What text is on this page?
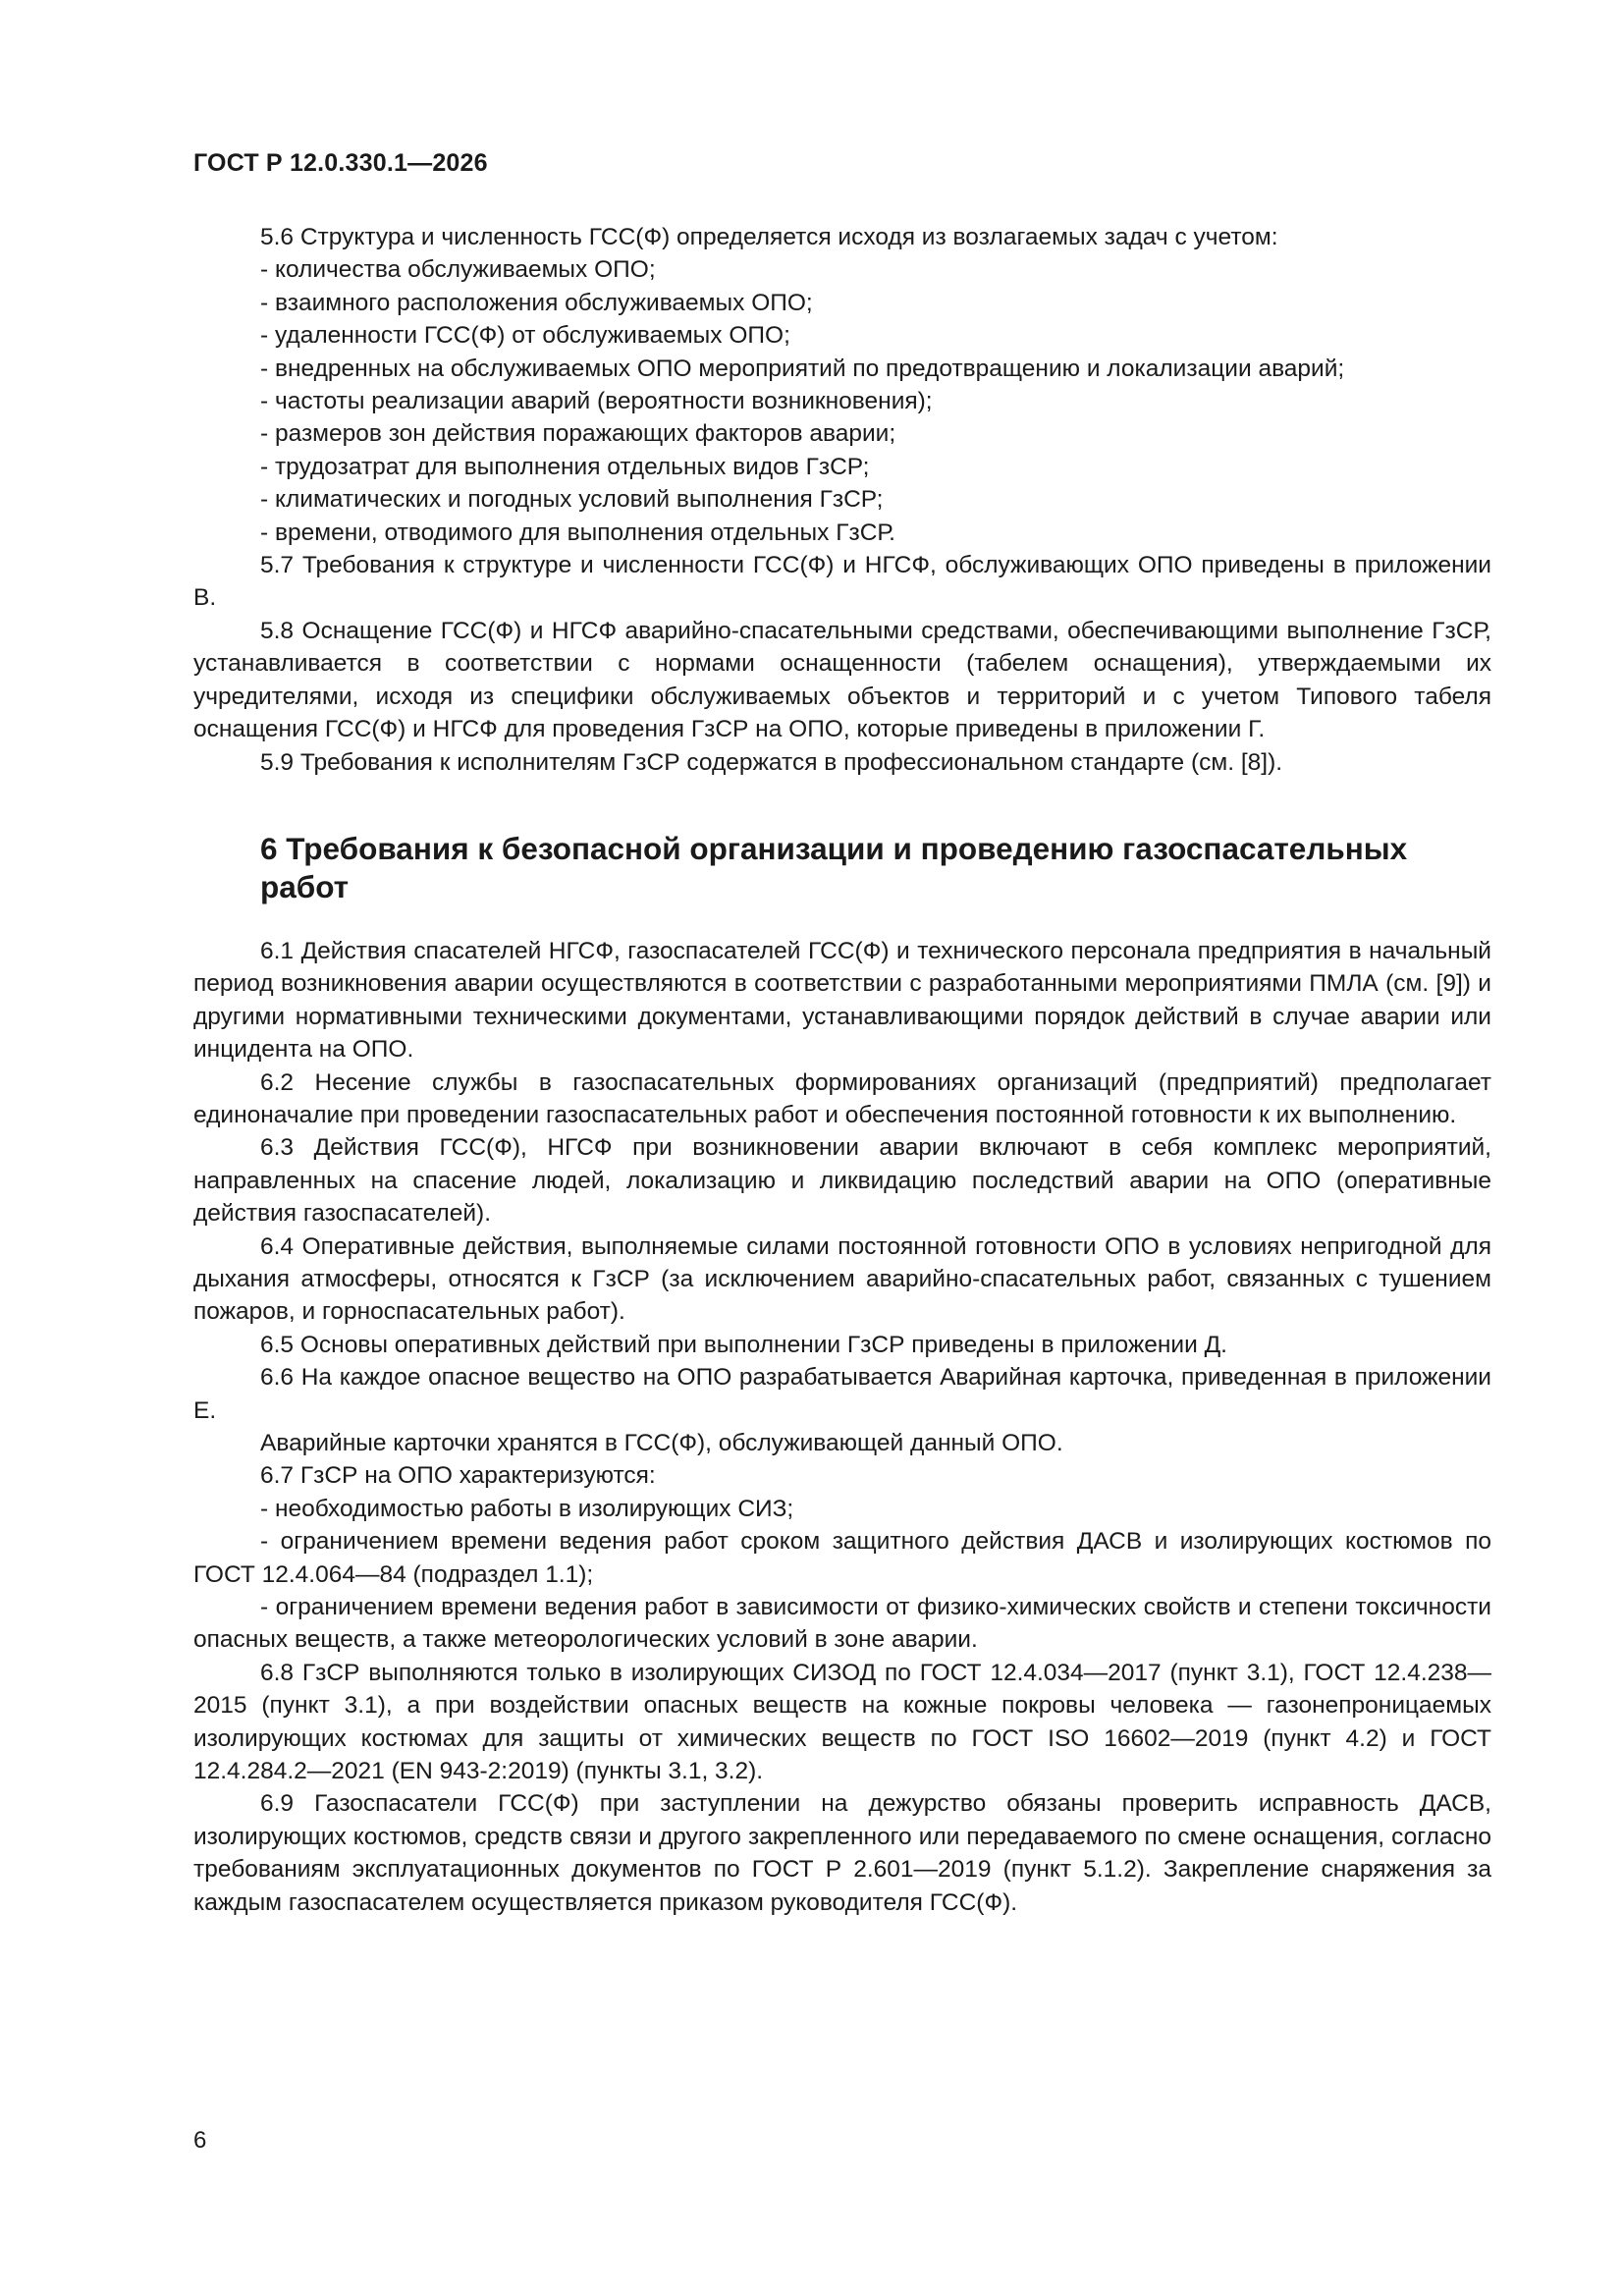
ГОСТ Р 12.0.330.1—2026

5.6 Структура и численность ГСС(Ф) определяется исходя из возлагаемых задач с учетом:

- количества обслуживаемых ОПО;

- взаимного расположения обслуживаемых ОПО;

- удаленности ГСС(Ф) от обслуживаемых ОПО;

- внедренных на обслуживаемых ОПО мероприятий по предотвращению и локализации аварий;

- частоты реализации аварий (вероятности возникновения);

- размеров зон действия поражающих факторов аварии;

- трудозатрат для выполнения отдельных видов ГзСР;

- климатических и погодных условий выполнения ГзСР;

- времени, отводимого для выполнения отдельных ГзСР.

5.7 Требования к структуре и численности ГСС(Ф) и НГСФ, обслуживающих ОПО приведены в приложении В.

5.8 Оснащение ГСС(Ф) и НГСФ аварийно-спасательными средствами, обеспечивающими выполнение ГзСР, устанавливается в соответствии с нормами оснащенности (табелем оснащения), утверждаемыми их учредителями, исходя из специфики обслуживаемых объектов и территорий и с учетом Типового табеля оснащения ГСС(Ф) и НГСФ для проведения ГзСР на ОПО, которые приведены в приложении Г.

5.9 Требования к исполнителям ГзСР содержатся в профессиональном стандарте (см. [8]).

6 Требования к безопасной организации и проведению газоспасательных работ

6.1 Действия спасателей НГСФ, газоспасателей ГСС(Ф) и технического персонала предприятия в начальный период возникновения аварии осуществляются в соответствии с разработанными мероприятиями ПМЛА (см. [9]) и другими нормативными техническими документами, устанавливающими порядок действий в случае аварии или инцидента на ОПО.

6.2 Несение службы в газоспасательных формированиях организаций (предприятий) предполагает единоначалие при проведении газоспасательных работ и обеспечения постоянной готовности к их выполнению.

6.3 Действия ГСС(Ф), НГСФ при возникновении аварии включают в себя комплекс мероприятий, направленных на спасение людей, локализацию и ликвидацию последствий аварии на ОПО (оперативные действия газоспасателей).

6.4 Оперативные действия, выполняемые силами постоянной готовности ОПО в условиях непригодной для дыхания атмосферы, относятся к ГзСР (за исключением аварийно-спасательных работ, связанных с тушением пожаров, и горноспасательных работ).

6.5 Основы оперативных действий при выполнении ГзСР приведены в приложении Д.

6.6 На каждое опасное вещество на ОПО разрабатывается Аварийная карточка, приведенная в приложении Е.

Аварийные карточки хранятся в ГСС(Ф), обслуживающей данный ОПО.

6.7 ГзСР на ОПО характеризуются:

- необходимостью работы в изолирующих СИЗ;

- ограничением времени ведения работ сроком защитного действия ДАСВ и изолирующих костюмов по ГОСТ 12.4.064—84 (подраздел 1.1);

- ограничением времени ведения работ в зависимости от физико-химических свойств и степени токсичности опасных веществ, а также метеорологических условий в зоне аварии.

6.8 ГзСР выполняются только в изолирующих СИЗОД по ГОСТ 12.4.034—2017 (пункт 3.1), ГОСТ 12.4.238—2015 (пункт 3.1), а при воздействии опасных веществ на кожные покровы человека — газонепроницаемых изолирующих костюмах для защиты от химических веществ по ГОСТ ISO 16602—2019 (пункт 4.2) и ГОСТ 12.4.284.2—2021 (EN 943-2:2019) (пункты 3.1, 3.2).

6.9 Газоспасатели ГСС(Ф) при заступлении на дежурство обязаны проверить исправность ДАСВ, изолирующих костюмов, средств связи и другого закрепленного или передаваемого по смене оснащения, согласно требованиям эксплуатационных документов по ГОСТ Р 2.601—2019 (пункт 5.1.2). Закрепление снаряжения за каждым газоспасателем осуществляется приказом руководителя ГСС(Ф).

6
